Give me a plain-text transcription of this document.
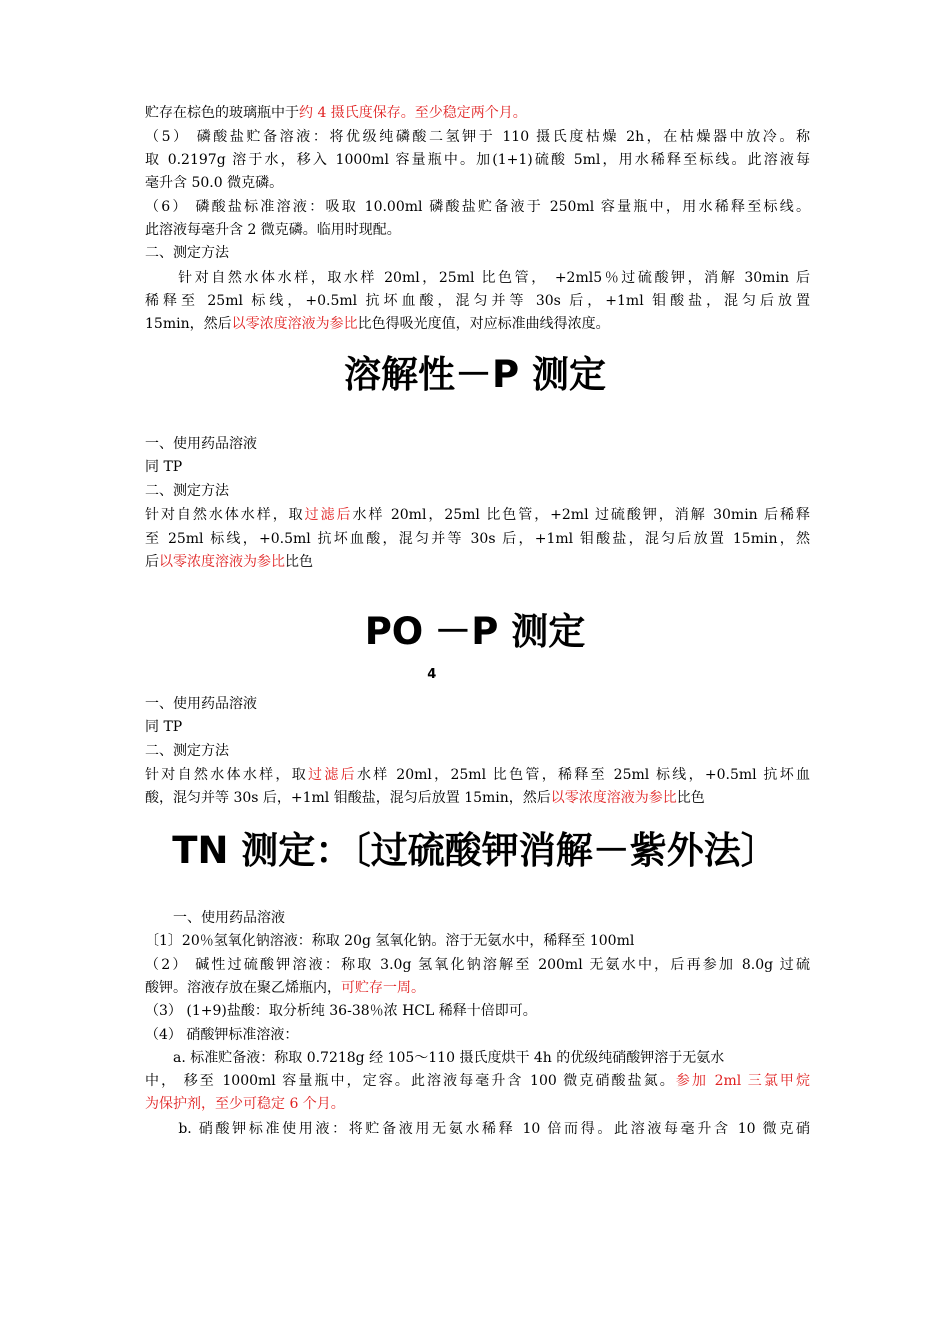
贮存在棕色的玻璃瓶中于约 4 摄氏度保存。至少稳定两个月。
（5） 磷酸盐贮备溶液：将优级纯磷酸二氢钾于 110 摄氏度枯燥 2h，在枯燥器中放冷。称
取 0.2197g 溶于水，移入 1000ml 容量瓶中。加(1+1)硫酸 5ml，用水稀释至标线。此溶液每
毫升含 50.0 微克磷。
（6） 磷酸盐标准溶液：吸取 10.00ml 磷酸盐贮备液于 250ml 容量瓶中，用水稀释至标线。
此溶液每毫升含 2 微克磷。临用时现配。
二、测定方法
　　针对自然水体水样，取水样 20ml，25ml 比色管， +2ml5％过硫酸钾，消解 30min 后
稀释至 25ml 标线，+0.5ml 抗坏血酸，混匀并等 30s 后，+1ml 钼酸盐，混匀后放置
15min，然后以零浓度溶液为参比比色得吸光度值，对应标准曲线得浓度。
一、使用药品溶液
同 TP
二、测定方法
针对自然水体水样，取过滤后水样 20ml，25ml 比色管，+2ml 过硫酸钾，消解 30min 后稀释
至 25ml 标线，+0.5ml 抗坏血酸，混匀并等 30s 后，+1ml 钼酸盐，混匀后放置 15min，然
后以零浓度溶液为参比比色
一、使用药品溶液
同 TP
二、测定方法
针对自然水体水样，取过滤后水样 20ml，25ml 比色管，稀释至 25ml 标线，+0.5ml 抗坏血
酸，混匀并等 30s 后，+1ml 钼酸盐，混匀后放置 15min，然后以零浓度溶液为参比比色
　　一、使用药品溶液
〔1〕20％氢氧化钠溶液：称取 20g 氢氧化钠。溶于无氨水中，稀释至 100ml
（2） 碱性过硫酸钾溶液：称取 3.0g 氢氧化钠溶解至 200ml 无氨水中，后再参加 8.0g 过硫
酸钾。溶液存放在聚乙烯瓶内，可贮存一周。
（3） (1+9)盐酸：取分析纯 36-38％浓 HCL 稀释十倍即可。
（4） 硝酸钾标准溶液：
　　a. 标准贮备液：称取 0.7218g 经 105～110 摄氏度烘干 4h 的优级纯硝酸钾溶于无氨水
中， 移至 1000ml 容量瓶中，定容。此溶液每毫升含 100 微克硝酸盐氮。参加 2ml 三氯甲烷
为保护剂，至少可稳定 6 个月。
　　b. 硝酸钾标准使用液：将贮备液用无氨水稀释 10 倍而得。此溶液每毫升含 10 微克硝
溶解性－P 测定
$PO_4-P$ 测定
TN 测定：〔过硫酸钾消解－紫外法〕
